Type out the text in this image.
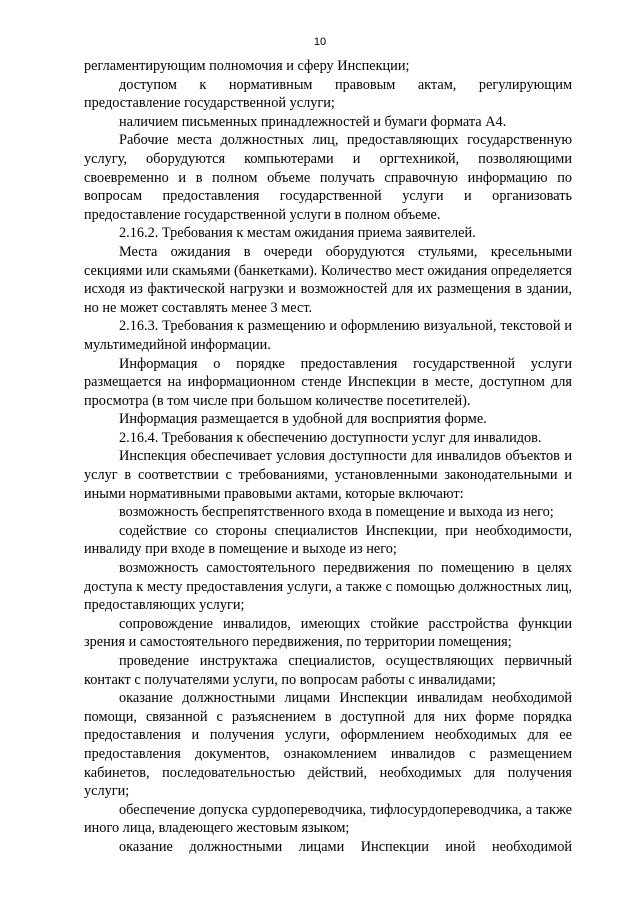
10

регламентирующим полномочия и сферу Инспекции;

доступом к нормативным правовым актам, регулирующим предоставление государственной услуги;

наличием письменных принадлежностей и бумаги формата А4.

Рабочие места должностных лиц, предоставляющих государственную услугу, оборудуются компьютерами и оргтехникой, позволяющими своевременно и в полном объеме получать справочную информацию по вопросам предоставления государственной услуги и организовать предоставление государственной услуги в полном объеме.

2.16.2. Требования к местам ожидания приема заявителей.

Места ожидания в очереди оборудуются стульями, кресельными секциями или скамьями (банкетками). Количество мест ожидания определяется исходя из фактической нагрузки и возможностей для их размещения в здании, но не может составлять менее 3 мест.

2.16.3. Требования к размещению и оформлению визуальной, текстовой и мультимедийной информации.

Информация о порядке предоставления государственной услуги размещается на информационном стенде Инспекции в месте, доступном для просмотра (в том числе при большом количестве посетителей).

Информация размещается в удобной для восприятия форме.

2.16.4. Требования к обеспечению доступности услуг для инвалидов.

Инспекция обеспечивает условия доступности для инвалидов объектов и услуг в соответствии с требованиями, установленными законодательными и иными нормативными правовыми актами, которые включают:

возможность беспрепятственного входа в помещение и выхода из него;

содействие со стороны специалистов Инспекции, при необходимости, инвалиду при входе в помещение и выходе из него;

возможность самостоятельного передвижения по помещению в целях доступа к месту предоставления услуги, а также с помощью должностных лиц, предоставляющих услуги;

сопровождение инвалидов, имеющих стойкие расстройства функции зрения и самостоятельного передвижения, по территории помещения;

проведение инструктажа специалистов, осуществляющих первичный контакт с получателями услуги, по вопросам работы с инвалидами;

оказание должностными лицами Инспекции инвалидам необходимой помощи, связанной с разъяснением в доступной для них форме порядка предоставления и получения услуги, оформлением необходимых для ее предоставления документов, ознакомлением инвалидов с размещением кабинетов, последовательностью действий, необходимых для получения услуги;

обеспечение допуска сурдопереводчика, тифлосурдопереводчика, а также иного лица, владеющего жестовым языком;

оказание должностными лицами Инспекции иной необходимой
